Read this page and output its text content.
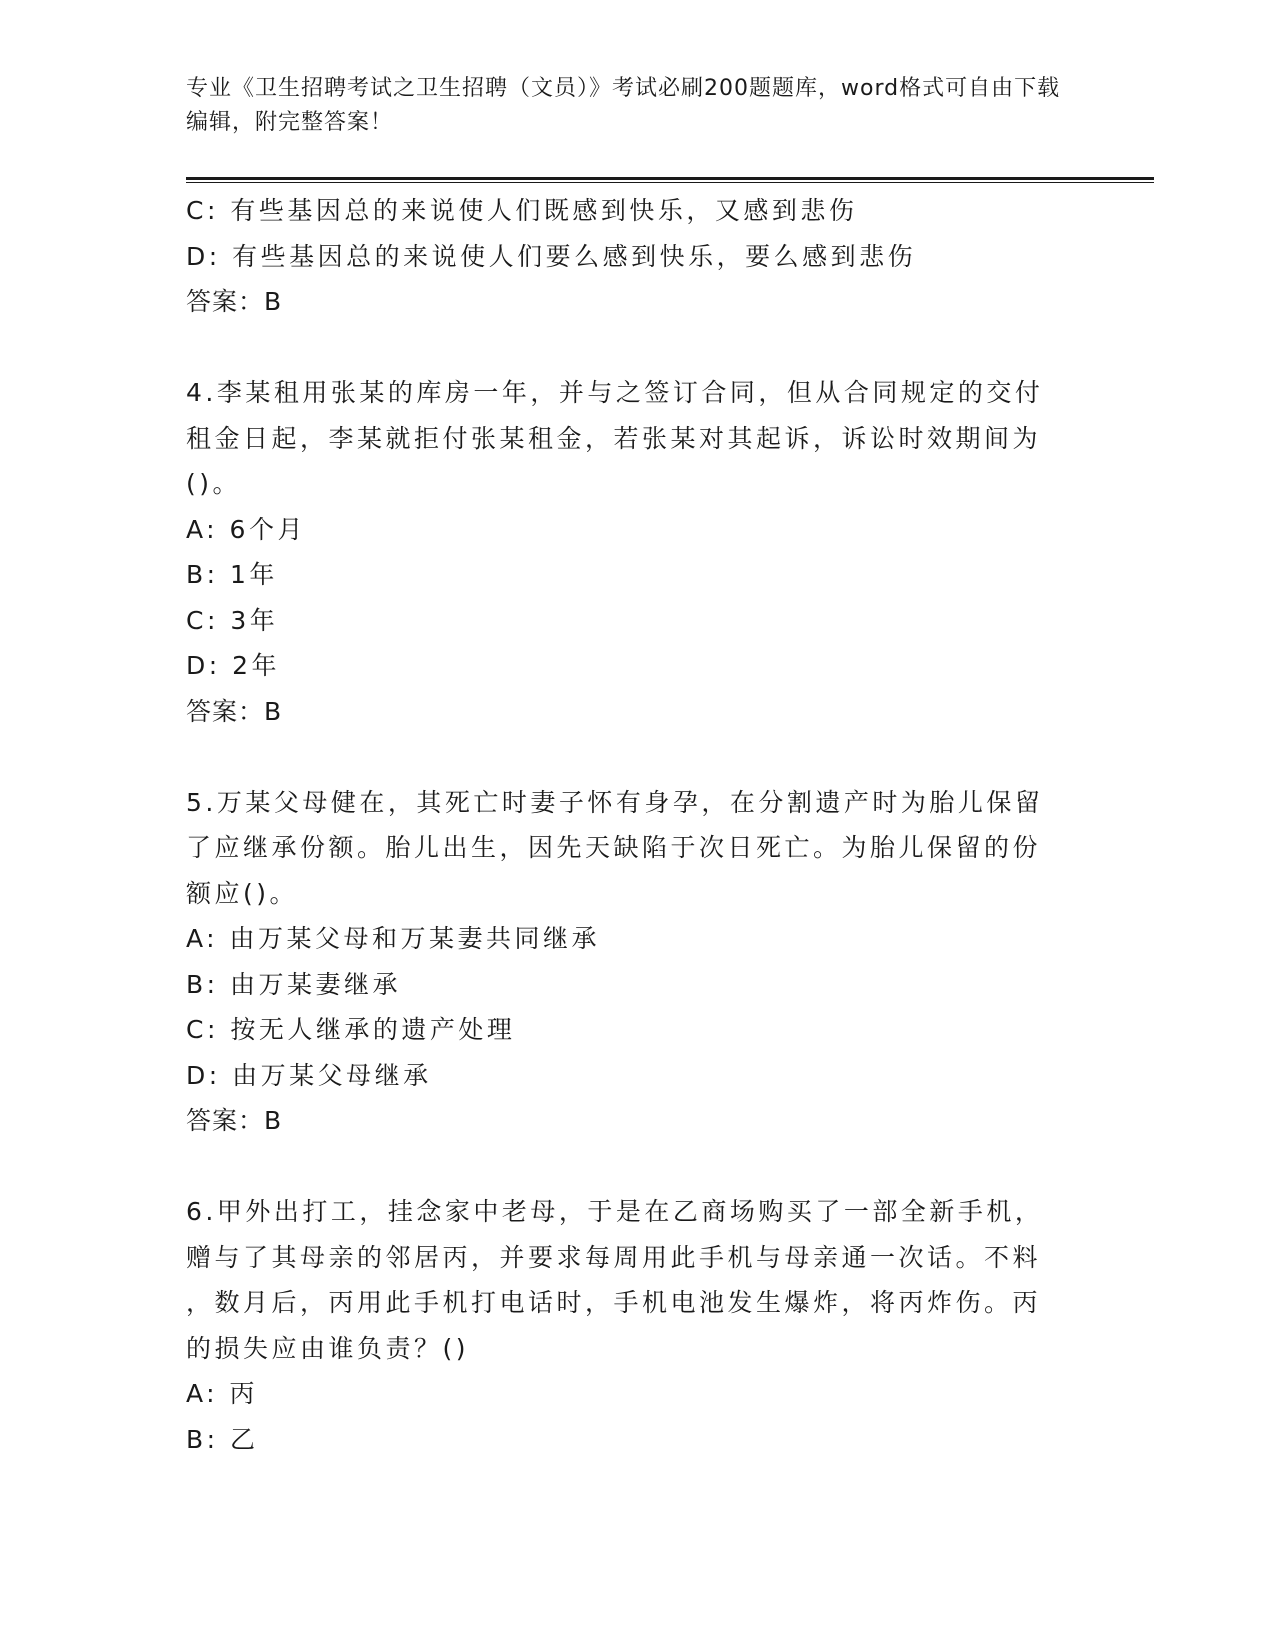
专业《卫生招聘考试之卫生招聘（文员）》考试必刷200题题库，word格式可自由下载编辑，附完整答案！
C: 有些基因总的来说使人们既感到快乐，又感到悲伤
D: 有些基因总的来说使人们要么感到快乐，要么感到悲伤
答案：B
4.李某租用张某的库房一年，并与之签订合同，但从合同规定的交付
租金日起，李某就拒付张某租金，若张某对其起诉，诉讼时效期间为
()。
A: 6个月
B: 1年
C: 3年
D: 2年
答案：B
5.万某父母健在，其死亡时妻子怀有身孕，在分割遗产时为胎儿保留
了应继承份额。胎儿出生，因先天缺陷于次日死亡。为胎儿保留的份
额应()。
A: 由万某父母和万某妻共同继承
B: 由万某妻继承
C: 按无人继承的遗产处理
D: 由万某父母继承
答案：B
6.甲外出打工，挂念家中老母，于是在乙商场购买了一部全新手机，
赠与了其母亲的邻居丙，并要求每周用此手机与母亲通一次话。不料
，数月后，丙用此手机打电话时，手机电池发生爆炸，将丙炸伤。丙
的损失应由谁负责？()
A: 丙
B: 乙
